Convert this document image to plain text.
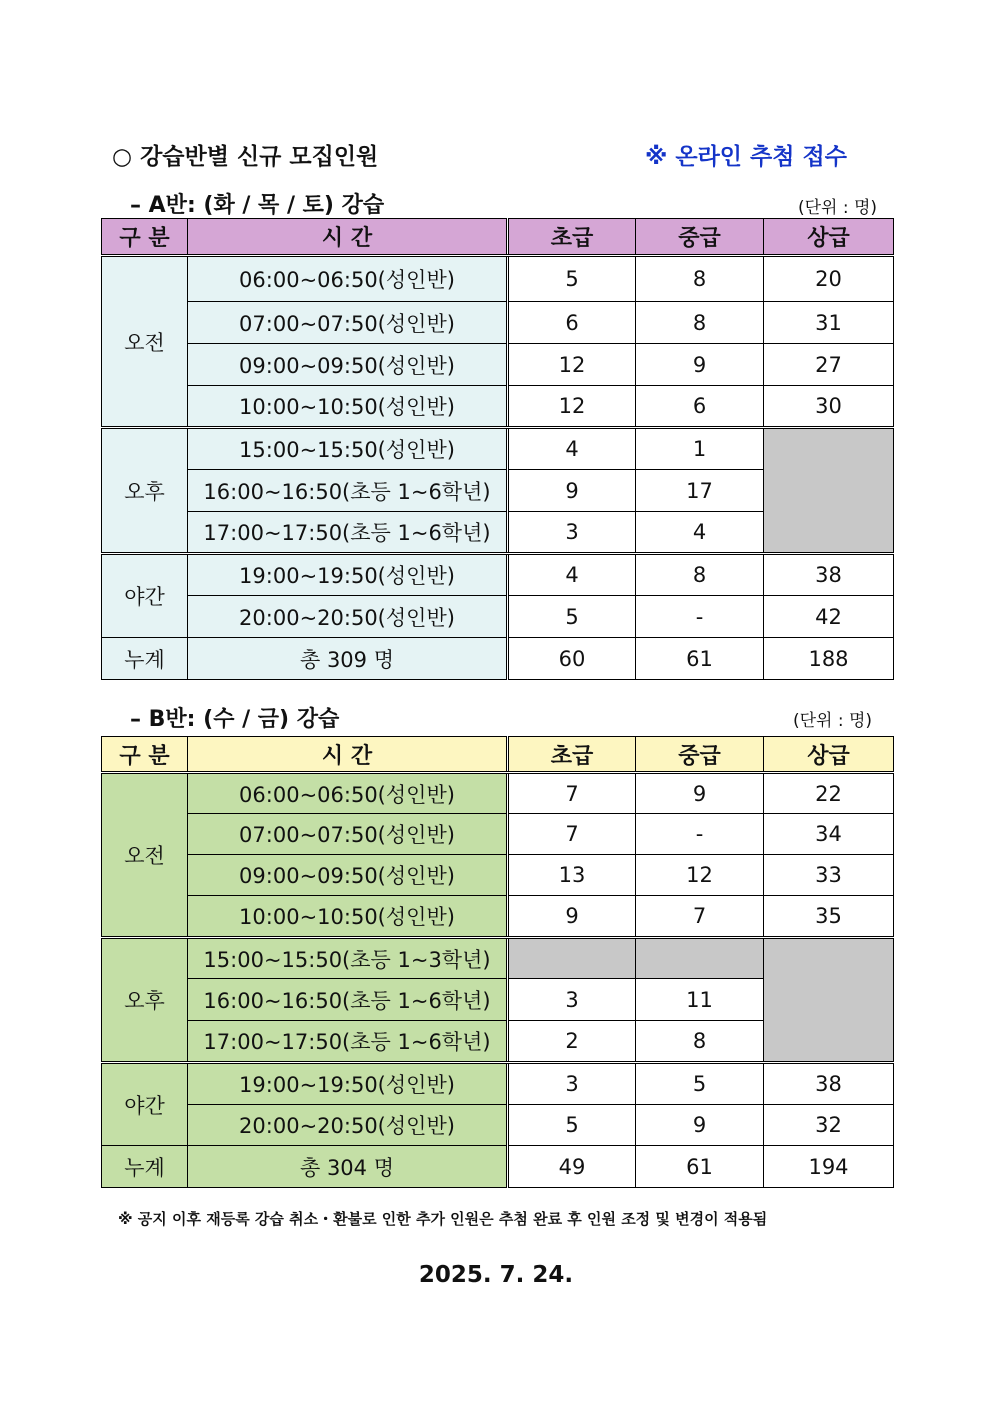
○ 강습반별 신규 모집인원	※ 온라인 추첨 접수
– A반: (화 / 목 / 토) 강습	(단위 : 명)
구 분	시 간	초급	중급	상급
오전	06:00~06:50(성인반)	5	8	20
	07:00~07:50(성인반)	6	8	31
	09:00~09:50(성인반)	12	9	27
	10:00~10:50(성인반)	12	6	30
오후	15:00~15:50(성인반)	4	1	
	16:00~16:50(초등 1~6학년)	9	17	
	17:00~17:50(초등 1~6학년)	3	4	
야간	19:00~19:50(성인반)	4	8	38
	20:00~20:50(성인반)	5	-	42
누계	총 309 명	60	61	188
– B반: (수 / 금) 강습	(단위 : 명)
구 분	시 간	초급	중급	상급
오전	06:00~06:50(성인반)	7	9	22
	07:00~07:50(성인반)	7	-	34
	09:00~09:50(성인반)	13	12	33
	10:00~10:50(성인반)	9	7	35
오후	15:00~15:50(초등 1~3학년)			
	16:00~16:50(초등 1~6학년)	3	11	
	17:00~17:50(초등 1~6학년)	2	8	
야간	19:00~19:50(성인반)	3	5	38
	20:00~20:50(성인반)	5	9	32
누계	총 304 명	49	61	194
※ 공지 이후 재등록 강습 취소・환불로 인한 추가 인원은 추첨 완료 후 인원 조정 및 변경이 적용됨
2025. 7. 24.
